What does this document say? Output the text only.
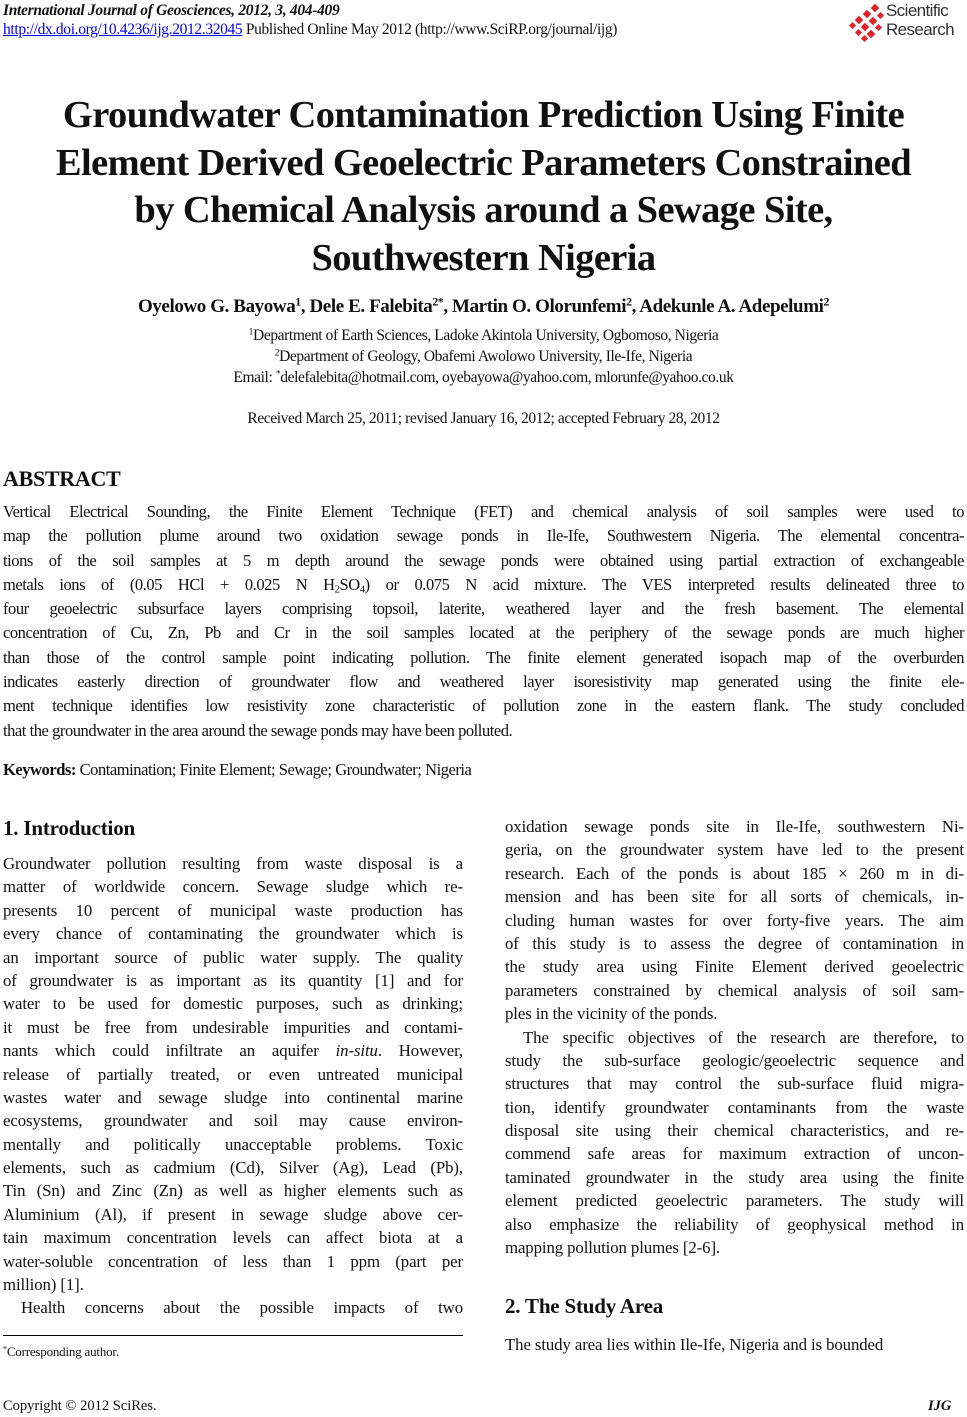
International Journal of Geosciences, 2012, 3, 404-409
http://dx.doi.org/10.4236/ijg.2012.32045 Published Online May 2012 (http://www.SciRP.org/journal/ijg)
Scientific
Research
Groundwater Contamination Prediction Using Finite
Element Derived Geoelectric Parameters Constrained
by Chemical Analysis around a Sewage Site,
Southwestern Nigeria
Oyelowo G. Bayowa$^1$, Dele E. Falebita$^{2*}$, Martin O. Olorunfemi$^2$, Adekunle A. Adepelumi$^2$
$^1$Department of Earth Sciences, Ladoke Akintola University, Ogbomoso, Nigeria
$^2$Department of Geology, Obafemi Awolowo University, Ile-Ife, Nigeria
Email: *delefalebita@hotmail.com, oyebayowa@yahoo.com, mlorunfe@yahoo.co.uk
Received March 25, 2011; revised January 16, 2012; accepted February 28, 2012
ABSTRACT
Vertical Electrical Sounding, the Finite Element Technique (FET) and chemical analysis of soil samples were used to
map the pollution plume around two oxidation sewage ponds in Ile-Ife, Southwestern Nigeria. The elemental concentra-
tions of the soil samples at 5 m depth around the sewage ponds were obtained using partial extraction of exchangeable
metals ions of (0.05 HCl + 0.025 N $H_2SO_4$) or 0.075 N acid mixture. The VES interpreted results delineated three to
four geoelectric subsurface layers comprising topsoil, laterite, weathered layer and the fresh basement. The elemental
concentration of Cu, Zn, Pb and Cr in the soil samples located at the periphery of the sewage ponds are much higher
than those of the control sample point indicating pollution. The finite element generated isopach map of the overburden
indicates easterly direction of groundwater flow and weathered layer isoresistivity map generated using the finite ele-
ment technique identifies low resistivity zone characteristic of pollution zone in the eastern flank. The study concluded
that the groundwater in the area around the sewage ponds may have been polluted.
Keywords: Contamination; Finite Element; Sewage; Groundwater; Nigeria
1. Introduction
Groundwater pollution resulting from waste disposal is a
matter of worldwide concern. Sewage sludge which re-
presents 10 percent of municipal waste production has
every chance of contaminating the groundwater which is
an important source of public water supply. The quality
of groundwater is as important as its quantity [1] and for
water to be used for domestic purposes, such as drinking;
it must be free from undesirable impurities and contami-
nants which could infiltrate an aquifer in-situ. However,
release of partially treated, or even untreated municipal
wastes water and sewage sludge into continental marine
ecosystems, groundwater and soil may cause environ-
mentally and politically unacceptable problems. Toxic
elements, such as cadmium (Cd), Silver (Ag), Lead (Pb),
Tin (Sn) and Zinc (Zn) as well as higher elements such as
Aluminium (Al), if present in sewage sludge above cer-
tain maximum concentration levels can affect biota at a
water-soluble concentration of less than 1 ppm (part per
million) [1].
Health concerns about the possible impacts of two
oxidation sewage ponds site in Ile-Ife, southwestern Ni-
geria, on the groundwater system have led to the present
research. Each of the ponds is about 185 × 260 m in di-
mension and has been site for all sorts of chemicals, in-
cluding human wastes for over forty-five years. The aim
of this study is to assess the degree of contamination in
the study area using Finite Element derived geoelectric
parameters constrained by chemical analysis of soil sam-
ples in the vicinity of the ponds.
The specific objectives of the research are therefore, to
study the sub-surface geologic/geoelectric sequence and
structures that may control the sub-surface fluid migra-
tion, identify groundwater contaminants from the waste
disposal site using their chemical characteristics, and re-
commend safe areas for maximum extraction of uncon-
taminated groundwater in the study area using the finite
element predicted geoelectric parameters. The study will
also emphasize the reliability of geophysical method in
mapping pollution plumes [2-6].
2. The Study Area
The study area lies within Ile-Ife, Nigeria and is bounded
*Corresponding author.
Copyright © 2012 SciRes.	IJG
